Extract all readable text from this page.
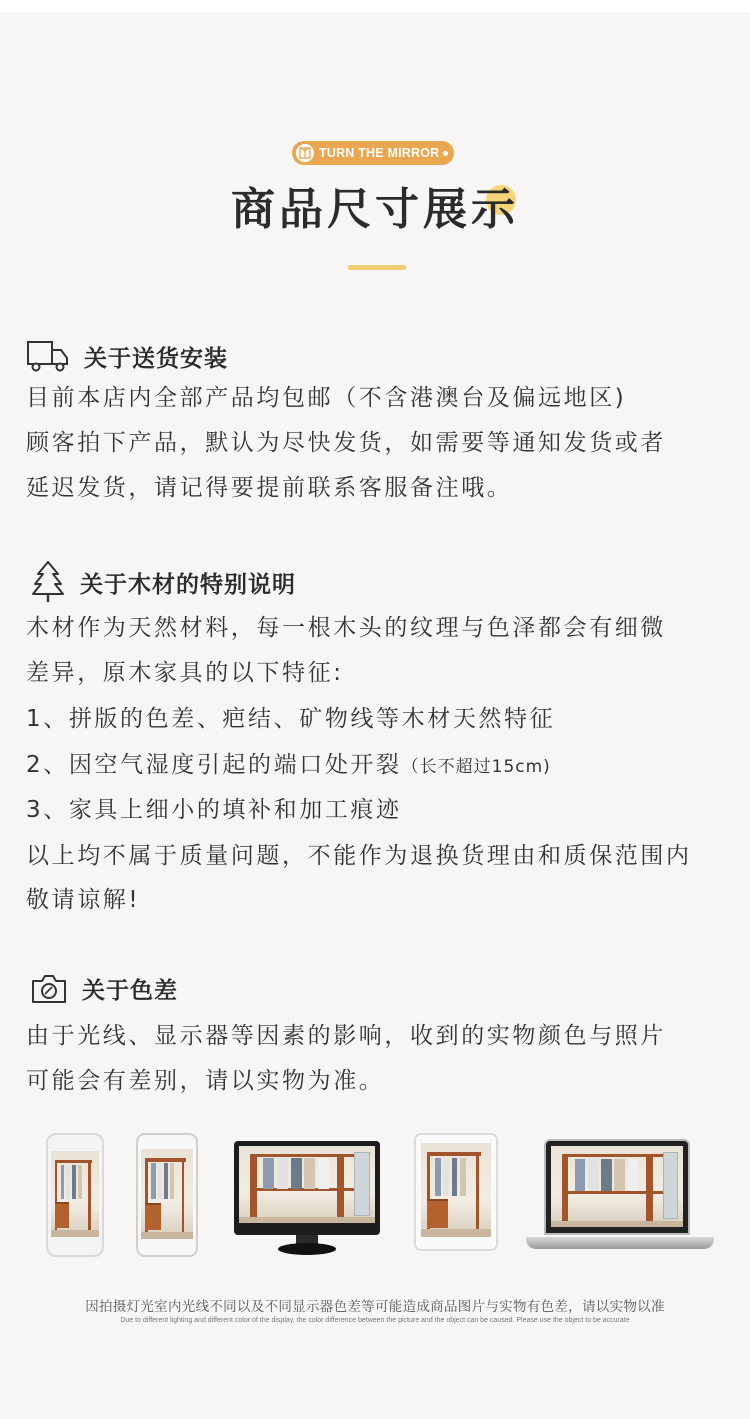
TURN THE MIRROR
商品尺寸展示
关于送货安装
目前本店内全部产品均包邮（不含港澳台及偏远地区)
顾客拍下产品，默认为尽快发货，如需要等通知发货或者
延迟发货，请记得要提前联系客服备注哦。
关于木材的特别说明
木材作为天然材料，每一根木头的纹理与色泽都会有细微
差异，原木家具的以下特征:
1、拼版的色差、疤结、矿物线等木材天然特征
2、因空气湿度引起的端口处开裂（长不超过15cm)
3、家具上细小的填补和加工痕迹
以上均不属于质量问题，不能作为退换货理由和质保范围内
敬请谅解!
关于色差
由于光线、显示器等因素的影响，收到的实物颜色与照片
可能会有差别，请以实物为准。
因拍摄灯光室内光线不同以及不同显示器色差等可能造成商品图片与实物有色差，请以实物以准
Due to different lighting and different color of the display, the color difference between the picture and the object can be caused. Please use the object to be accurate
